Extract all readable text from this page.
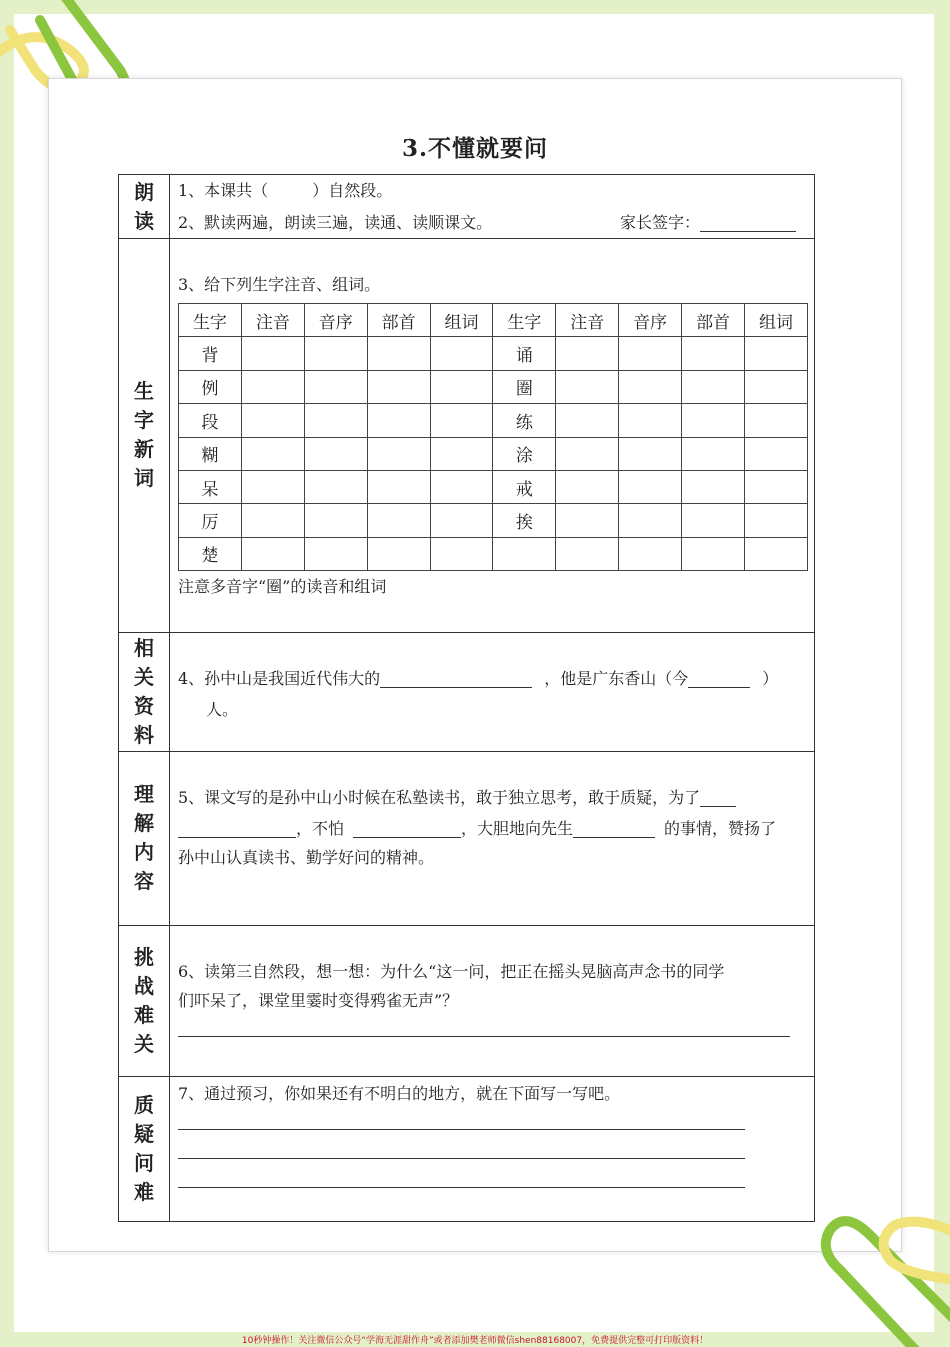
3.不懂就要问
朗
读
1、本课共（	）自然段。
2、默读两遍，朗读三遍，读通、读顺课文。	家长签字：
生
字
新
词
3、给下列生字注音、组词。
生字	注音	音序	部首	组词	生字	注音	音序	部首	组词
背					诵				
例					圈				
段					练				
糊					涂				
呆					戒				
厉					挨				
楚									
注意多音字“圈”的读音和组词
相
关
资
料
4、孙中山是我国近代伟大的	，他是广东香山（今	）
人。
理
解
内
容
5、课文写的是孙中山小时候在私塾读书，敢于独立思考，敢于质疑，为了
，不怕	，大胆地向先生	的事情，赞扬了
孙中山认真读书、勤学好问的精神。
挑
战
难
关
6、读第三自然段，想一想：为什么“这一问，把正在摇头晃脑高声念书的同学
们吓呆了，课堂里霎时变得鸦雀无声”？
质
疑
问
难
7、通过预习，你如果还有不明白的地方，就在下面写一写吧。
10秒钟操作！关注微信公众号“学海无涯甜作舟”或者添加樊老师微信shen88168007，免费提供完整可打印版资料！
